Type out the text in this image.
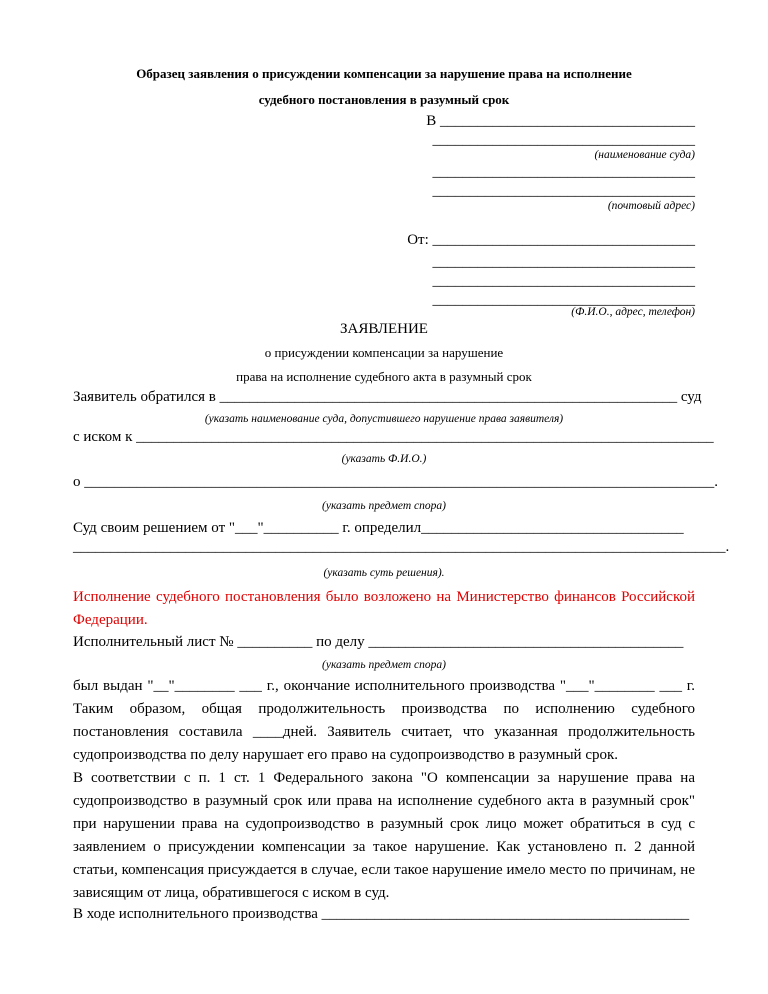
Образец заявления о присуждении компенсации за нарушение права на исполнение
судебного постановления в разумный срок
В __________________________________
___________________________________
(наименование суда)
___________________________________
___________________________________
(почтовый адрес)
От: ___________________________________
___________________________________
___________________________________
___________________________________
(Ф.И.О., адрес, телефон)
ЗАЯВЛЕНИЕ
о присуждении компенсации за нарушение
права на исполнение судебного акта в разумный срок
Заявитель обратился в _____________________________________________________________ суд
(указать наименование суда, допустившего нарушение права заявителя)
с иском к _____________________________________________________________________________
(указать Ф.И.О.)
о ____________________________________________________________________________________.
(указать предмет спора)
Суд своим решением от "___"__________ г. определил___________________________________
_______________________________________________________________________________________.
(указать суть решения).
Исполнение судебного постановления было возложено на Министерство финансов Российской
Федерации.
Исполнительный лист № __________ по делу __________________________________________
(указать предмет спора)
был выдан "__"________ ___ г., окончание исполнительного производства "___"________ ___ г.
Таким образом, общая продолжительность производства по исполнению судебного
постановления составила ____дней. Заявитель считает, что указанная продолжительность
судопроизводства по делу нарушает его право на судопроизводство в разумный срок.
В соответствии с п. 1 ст. 1 Федерального закона "О компенсации за нарушение права на
судопроизводство в разумный срок или права на исполнение судебного акта в разумный срок"
при нарушении права на судопроизводство в разумный срок лицо может обратиться в суд с
заявлением о присуждении компенсации за такое нарушение. Как установлено п. 2 данной
статьи, компенсация присуждается в случае, если такое нарушение имело место по причинам, не
зависящим от лица, обратившегося с иском в суд.
В ходе исполнительного производства _________________________________________________
